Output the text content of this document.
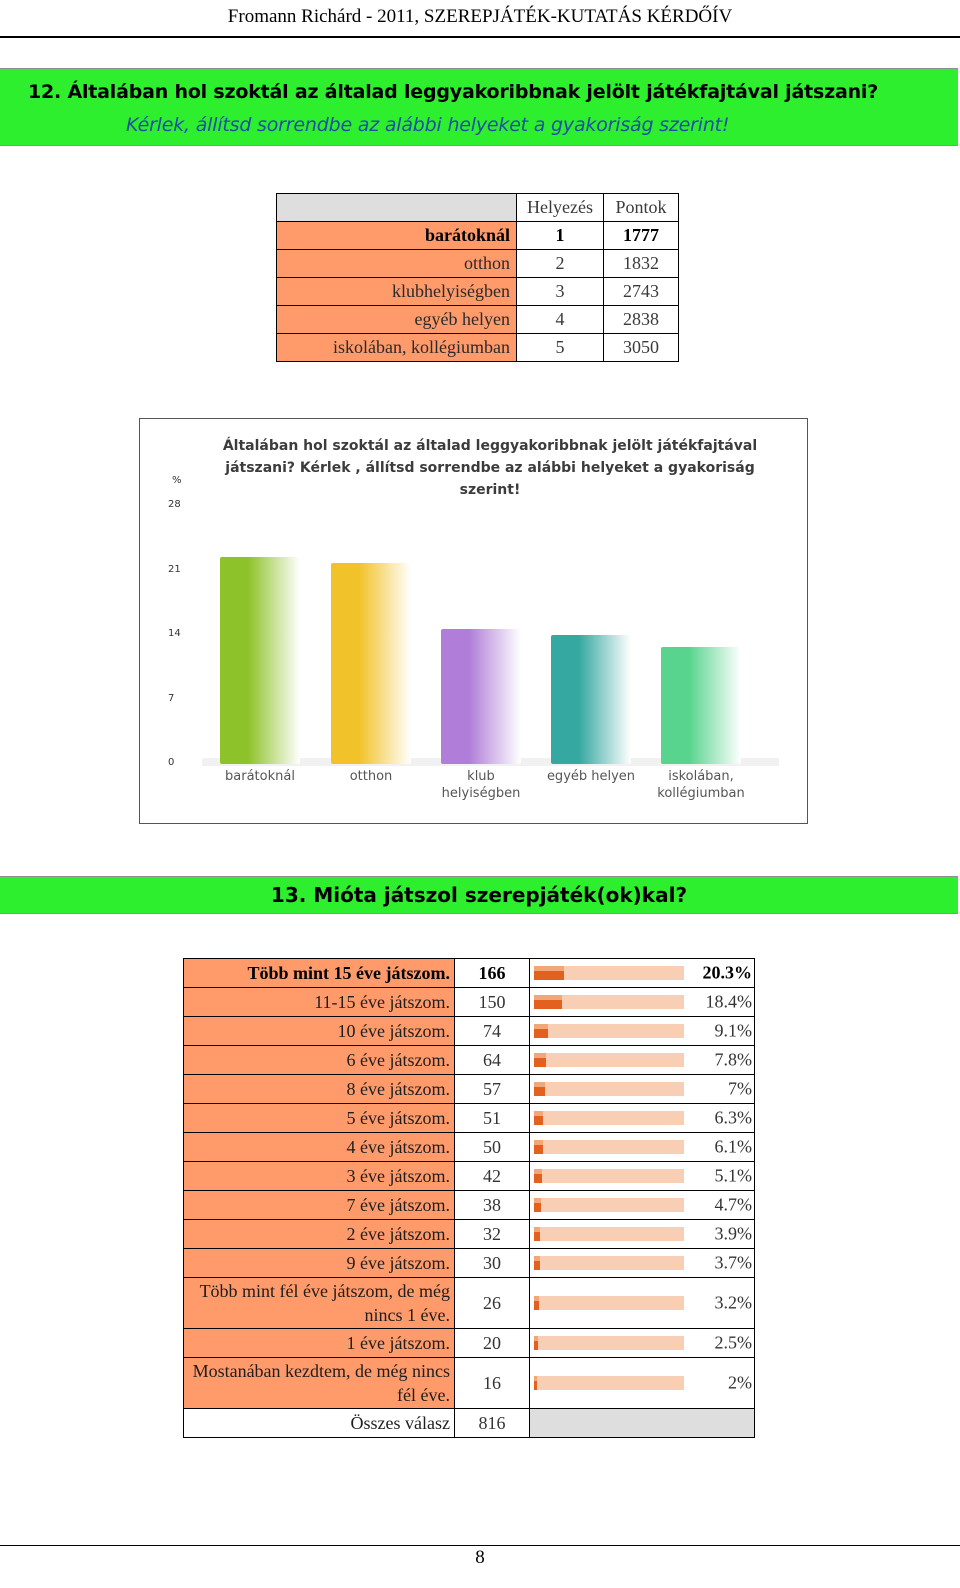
Fromann Richárd - 2011, SZEREPJÁTÉK-KUTATÁS KÉRDŐÍV
12. Általában hol szoktál az általad leggyakoribbnak jelölt játékfajtával játszani?
Kérlek, állítsd sorrendbe az alábbi helyeket a gyakoriság szerint!
	Helyezés	Pontok
barátoknál	1	1777
otthon	2	1832
klubhelyiségben	3	2743
egyéb helyen	4	2838
iskolában, kollégiumban	5	3050
Általában hol szoktál az általad leggyakoribbnak jelölt játékfajtával
játszani? Kérlek , állítsd sorrendbe az alábbi helyeket a gyakoriság
szerint!
%
0
7
14
21
28
barátoknál	otthon	klub
helyiségben
egyéb helyen	iskolában,
kollégiumban
13. Mióta játszol szerepjáték(ok)kal?
Több mint 15 éve játszom.	166	20.3%

11-15 éve játszom.	150	18.4%

10 éve játszom.	74	9.1%

6 éve játszom.	64	7.8%

8 éve játszom.	57	7%

5 éve játszom.	51	6.3%

4 éve játszom.	50	6.1%

3 éve játszom.	42	5.1%

7 éve játszom.	38	4.7%

2 éve játszom.	32	3.9%

9 éve játszom.	30	3.7%

Több mint fél éve játszom, de még nincs 1 éve.	26	3.2%

1 éve játszom.	20	2.5%

Mostanában kezdtem, de még nincs fél éve.	16	2%

Összes válasz	816	
8
